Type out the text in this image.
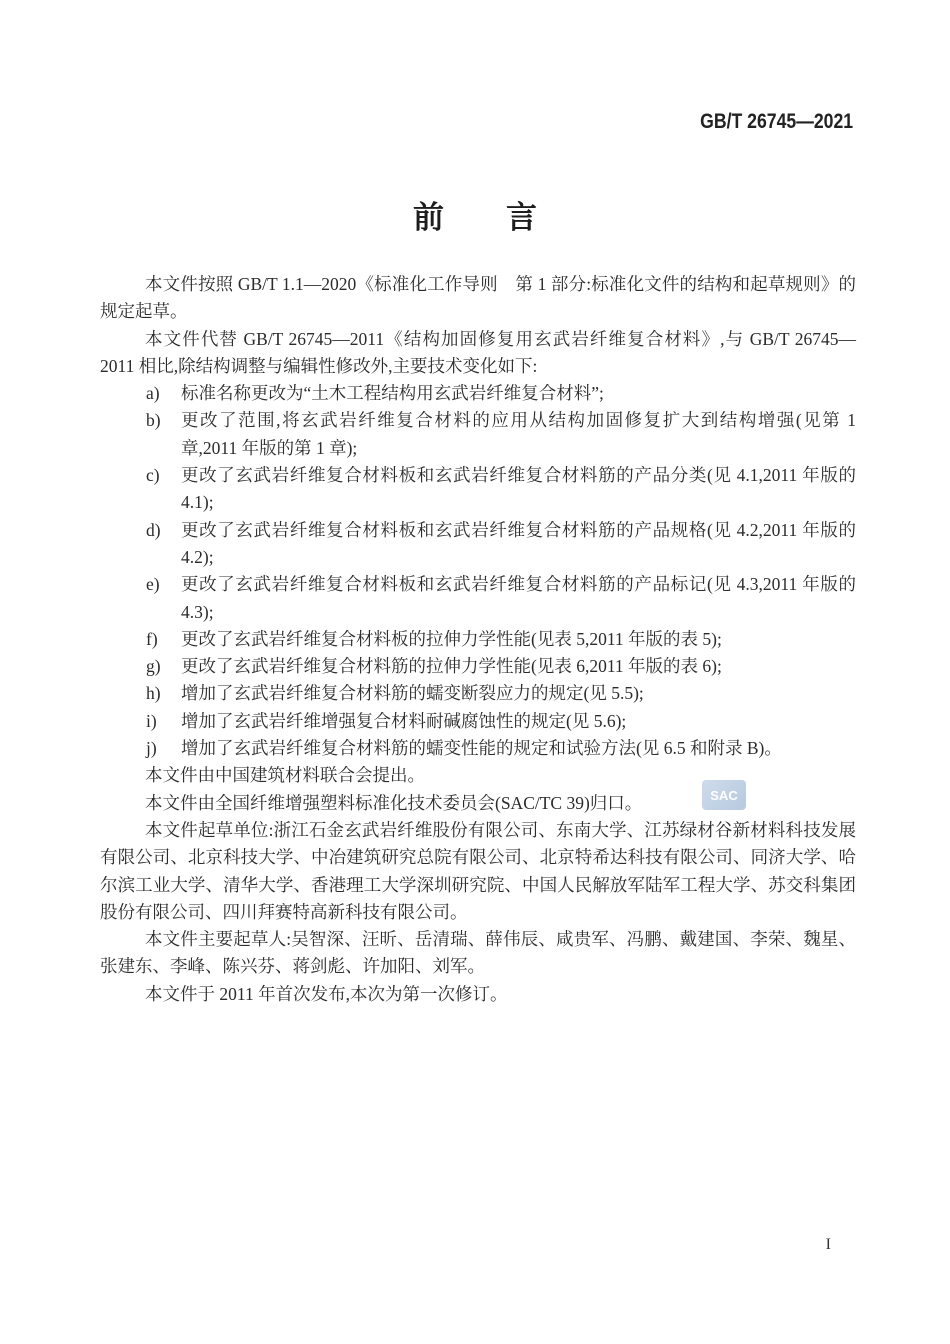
GB/T 26745—2021
前　　言
SAC

本文件按照 GB/T 1.1—2020《标准化工作导则　第 1 部分:标准化文件的结构和起草规则》的规定起草。

本文件代替 GB/T 26745—2011《结构加固修复用玄武岩纤维复合材料》,与 GB/T 26745—2011 相比,除结构调整与编辑性修改外,主要技术变化如下:

a) 标准名称更改为“土木工程结构用玄武岩纤维复合材料”;
b) 更改了范围,将玄武岩纤维复合材料的应用从结构加固修复扩大到结构增强(见第 1 章,2011 年版的第 1 章);
c) 更改了玄武岩纤维复合材料板和玄武岩纤维复合材料筋的产品分类(见 4.1,2011 年版的 4.1);
d) 更改了玄武岩纤维复合材料板和玄武岩纤维复合材料筋的产品规格(见 4.2,2011 年版的 4.2);
e) 更改了玄武岩纤维复合材料板和玄武岩纤维复合材料筋的产品标记(见 4.3,2011 年版的 4.3);
f) 更改了玄武岩纤维复合材料板的拉伸力学性能(见表 5,2011 年版的表 5);
g) 更改了玄武岩纤维复合材料筋的拉伸力学性能(见表 6,2011 年版的表 6);
h) 增加了玄武岩纤维复合材料筋的蠕变断裂应力的规定(见 5.5);
i) 增加了玄武岩纤维增强复合材料耐碱腐蚀性的规定(见 5.6);
j) 增加了玄武岩纤维复合材料筋的蠕变性能的规定和试验方法(见 6.5 和附录 B)。

本文件由中国建筑材料联合会提出。

本文件由全国纤维增强塑料标准化技术委员会(SAC/TC 39)归口。

本文件起草单位:浙江石金玄武岩纤维股份有限公司、东南大学、江苏绿材谷新材料科技发展有限公司、北京科技大学、中冶建筑研究总院有限公司、北京特希达科技有限公司、同济大学、哈尔滨工业大学、清华大学、香港理工大学深圳研究院、中国人民解放军陆军工程大学、苏交科集团股份有限公司、四川拜赛特高新科技有限公司。

本文件主要起草人:吴智深、汪昕、岳清瑞、薛伟辰、咸贵军、冯鹏、戴建国、李荣、魏星、张建东、李峰、陈兴芬、蒋剑彪、许加阳、刘军。

本文件于 2011 年首次发布,本次为第一次修订。

I
